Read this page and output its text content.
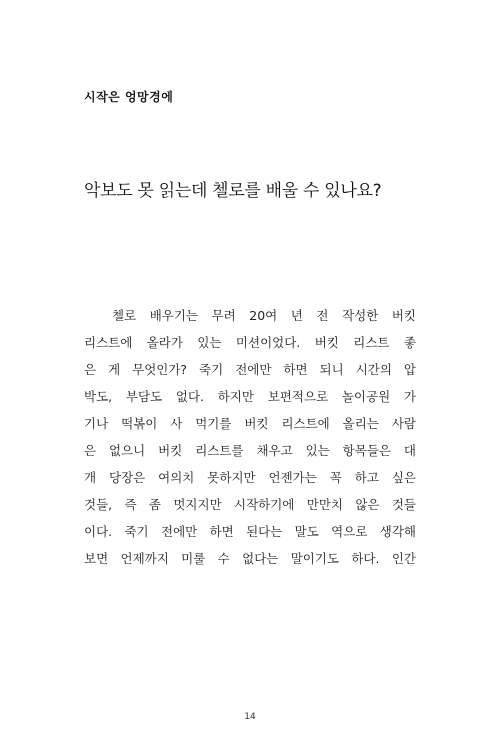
시작은 엉망경에
악보도 못 읽는데 첼로를 배울 수 있나요?
첼로 배우기는 무려 20여 년 전 작성한 버킷
리스트에 올라가 있는 미션이었다. 버킷 리스트 좋
은 게 무엇인가? 죽기 전에만 하면 되니 시간의 압
박도, 부담도 없다. 하지만 보편적으로 놀이공원 가
기나 떡볶이 사 먹기를 버킷 리스트에 올리는 사람
은 없으니 버킷 리스트를 채우고 있는 항목들은 대
개 당장은 여의치 못하지만 언젠가는 꼭 하고 싶은
것들, 즉 좀 멋지지만 시작하기에 만만치 않은 것들
이다. 죽기 전에만 하면 된다는 말도 역으로 생각해
보면 언제까지 미룰 수 없다는 말이기도 하다. 인간
14
